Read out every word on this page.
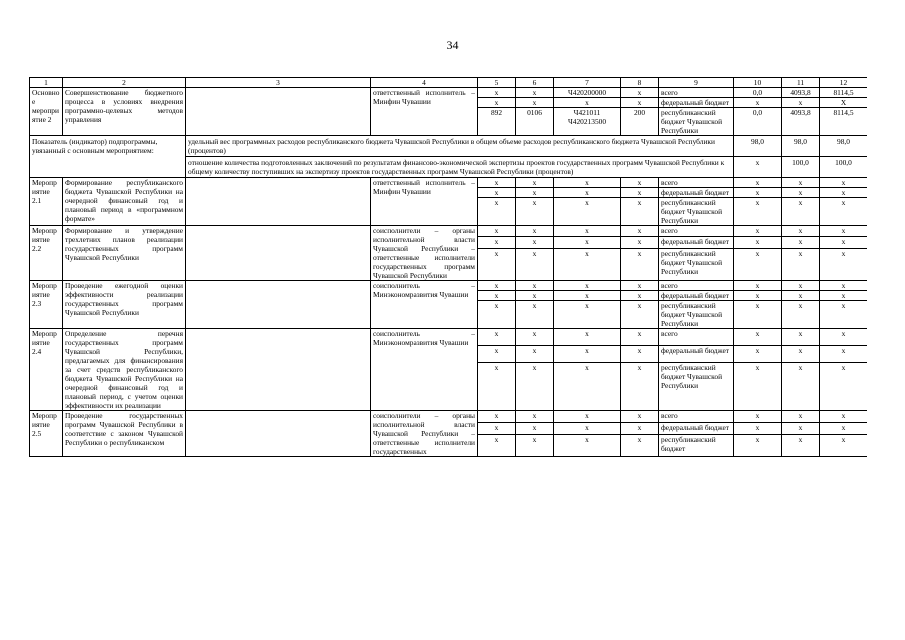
34
1	2	3	4	5	6	7	8	9	10	11	12
Основное мероприятие 2	Совершенствование бюджетного процесса в условиях внедрения программно-целевых методов управления		ответственный исполнитель – Минфин Чувашии	x	x	Ч420200000	x	всего	0,0	4093,8	8114,5
				x	x	x	x	федеральный бюджет	x	x	X
				892	0106	Ч421011 Ч420213500	200	республиканский бюджет Чувашской Республики	0,0	4093,8	8114,5
Показатель (индикатор) подпрограммы, увязанный с основным мероприятием:		удельный вес программных расходов республиканского бюджета Чувашской Республики в общем объеме расходов республиканского бюджета Чувашской Республики (процентов)							98,0	98,0	98,0
		отношение количества подготовленных заключений по результатам финансово-экономической экспертизы проектов государственных программ Чувашской Республики к общему количеству поступивших на экспертизу проектов государственных программ Чувашской Республики (процентов)							x	100,0	100,0
Мероприятие 2.1	Формирование республиканского бюджета Чувашской Республики на очередной финансовый год и плановый период в «программном формате»		ответственный исполнитель – Минфин Чувашии	x	x	x	x	всего	x	x	x
				x	x	x	x	федеральный бюджет	x	x	x
				x	x	x	x	республиканский бюджет Чувашской Республики	x	x	x
Мероприятие 2.2	Формирование и утверждение трехлетних планов реализации государственных программ Чувашской Республики		соисполнители – органы исполнительной власти Чувашской Республики – ответственные исполнители государственных программ Чувашской Республики	x	x	x	x	всего	x	x	x
				x	x	x	x	федеральный бюджет	x	x	x
				x	x	x	x	республиканский бюджет Чувашской Республики	x	x	x
Мероприятие 2.3	Проведение ежегодной оценки эффективности реализации государственных программ Чувашской Республики		соисполнитель – Минэкономразвития Чувашии	x	x	x	x	всего	x	x	x
				x	x	x	x	федеральный бюджет	x	x	x
				x	x	x	x	республиканский бюджет Чувашской Республики	x	x	x
Мероприятие 2.4	Определение перечня государственных программ Чувашской Республики, предлагаемых для финансирования за счет средств республиканского бюджета Чувашской Республики на очередной финансовый год и плановый период, с учетом оценки эффективности их реализации		соисполнитель – Минэкономразвития Чувашии	x	x	x	x	всего	x	x	x
				x	x	x	x	федеральный бюджет	x	x	x
				x	x	x	x	республиканский бюджет Чувашской Республики	x	x	x
Мероприятие 2.5	Проведение государственных программ Чувашской Республики в соответствие с законом Чувашской Республики о республиканском		соисполнители – органы исполнительной власти Чувашской Республики – ответственные исполнители государственных	x	x	x	x	всего	x	x	x
				x	x	x	x	федеральный бюджет	x	x	x
				x	x	x	x	республиканский бюджет	x	x	x
